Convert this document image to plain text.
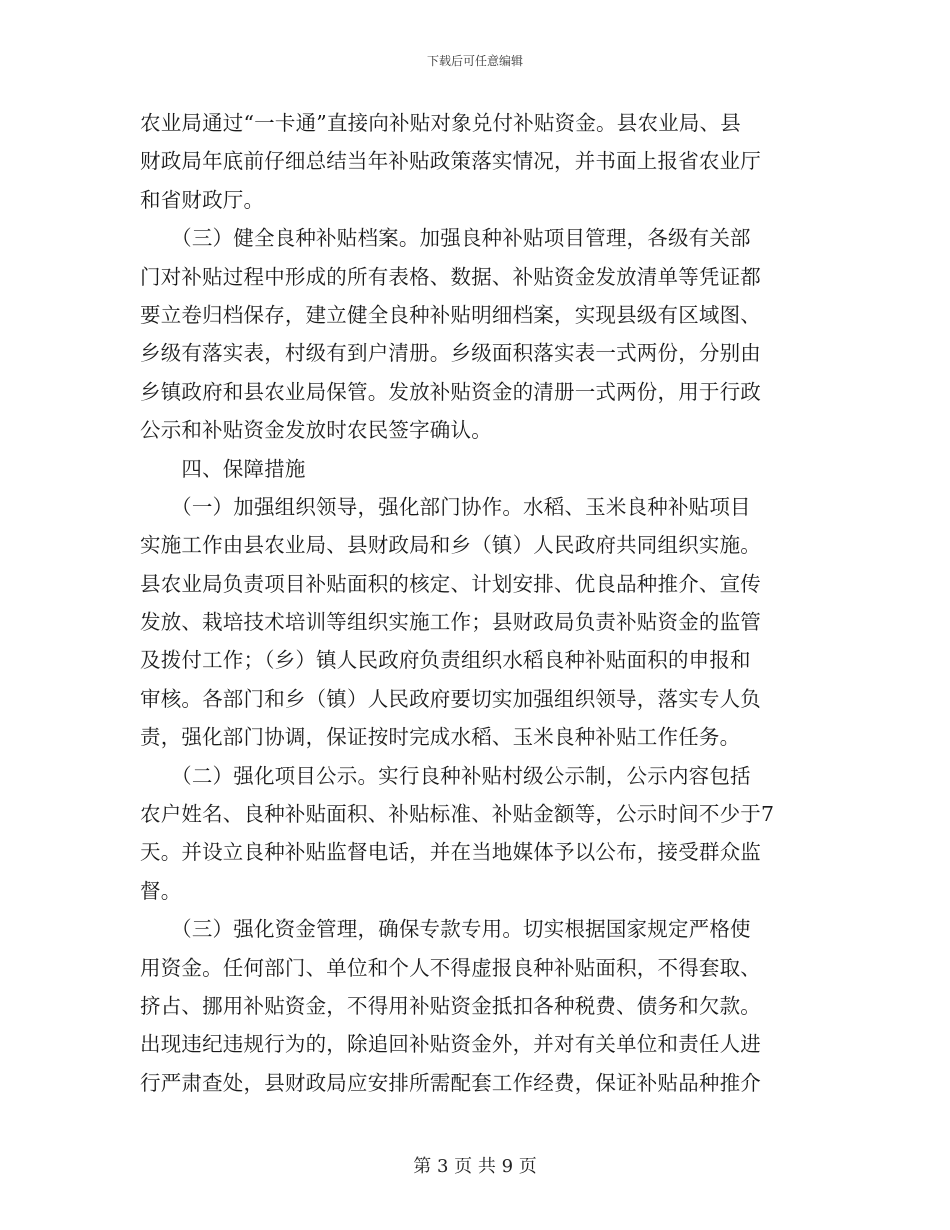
下载后可任意编辑
农业局通过“一卡通”直接向补贴对象兑付补贴资金。县农业局、县
财政局年底前仔细总结当年补贴政策落实情况，并书面上报省农业厅
和省财政厅。
　　（三）健全良种补贴档案。加强良种补贴项目管理，各级有关部
门对补贴过程中形成的所有表格、数据、补贴资金发放清单等凭证都
要立卷归档保存，建立健全良种补贴明细档案，实现县级有区域图、
乡级有落实表，村级有到户清册。乡级面积落实表一式两份，分别由
乡镇政府和县农业局保管。发放补贴资金的清册一式两份，用于行政
公示和补贴资金发放时农民签字确认。
　　四、保障措施
　　（一）加强组织领导，强化部门协作。水稻、玉米良种补贴项目
实施工作由县农业局、县财政局和乡（镇）人民政府共同组织实施。
县农业局负责项目补贴面积的核定、计划安排、优良品种推介、宣传
发放、栽培技术培训等组织实施工作；县财政局负责补贴资金的监管
及拨付工作；（乡）镇人民政府负责组织水稻良种补贴面积的申报和
审核。各部门和乡（镇）人民政府要切实加强组织领导，落实专人负
责，强化部门协调，保证按时完成水稻、玉米良种补贴工作任务。
　　（二）强化项目公示。实行良种补贴村级公示制，公示内容包括
农户姓名、良种补贴面积、补贴标准、补贴金额等，公示时间不少于7
天。并设立良种补贴监督电话，并在当地媒体予以公布，接受群众监
督。
　　（三）强化资金管理，确保专款专用。切实根据国家规定严格使
用资金。任何部门、单位和个人不得虚报良种补贴面积，不得套取、
挤占、挪用补贴资金，不得用补贴资金抵扣各种税费、债务和欠款。
出现违纪违规行为的，除追回补贴资金外，并对有关单位和责任人进
行严肃查处，县财政局应安排所需配套工作经费，保证补贴品种推介
第 3 页 共 9 页
